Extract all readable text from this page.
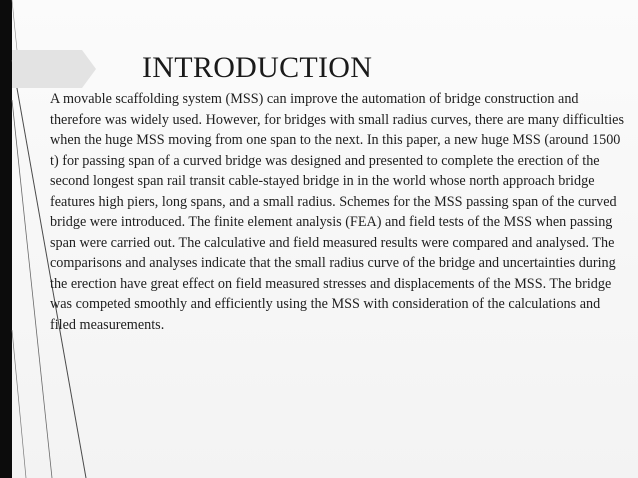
INTRODUCTION

A movable scaffolding system (MSS) can improve the automation of bridge construction and therefore was widely used. However, for bridges with small radius curves, there are many difficulties when the huge MSS moving from one span to the next. In this paper, a new huge MSS (around 1500 t) for passing span of a curved bridge was designed and presented to complete the erection of the second longest span rail transit cable-stayed bridge in in the world whose north approach bridge features high piers, long spans, and a small radius. Schemes for the MSS passing span of the curved bridge were introduced. The finite element analysis (FEA) and field tests of the MSS when passing span were carried out. The calculative and field measured results were compared and analysed. The comparisons and analyses indicate that the small radius curve of the bridge and uncertainties during the erection have great effect on field measured stresses and displacements of the MSS. The bridge was competed smoothly and efficiently using the MSS with consideration of the calculations and filed measurements.
